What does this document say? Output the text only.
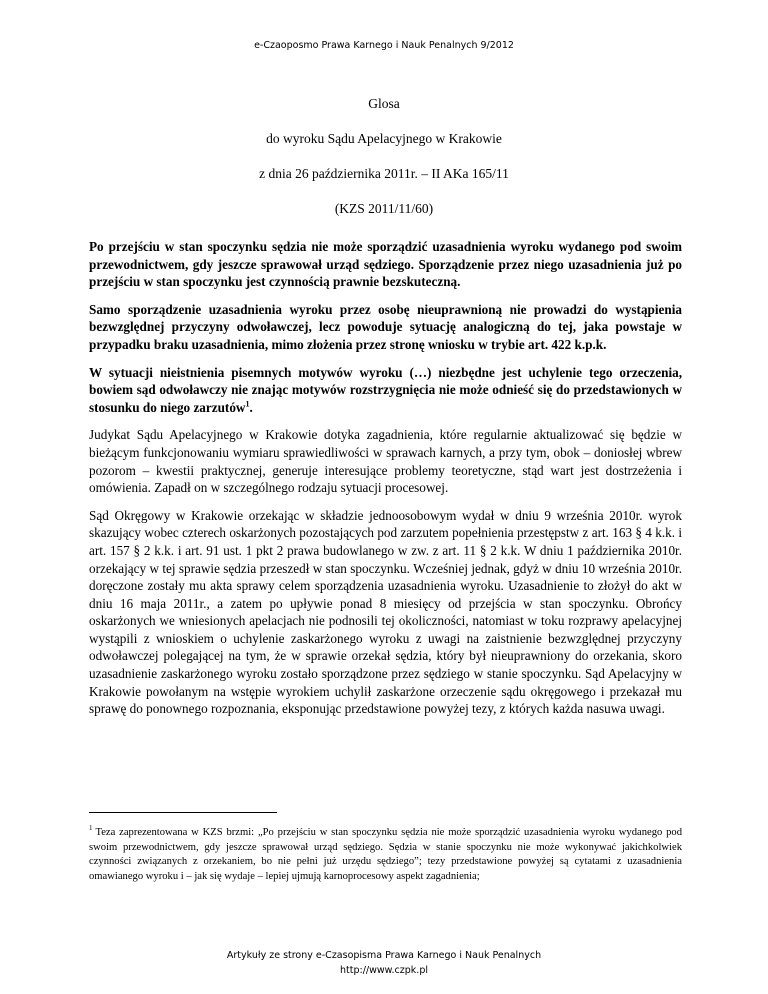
e-Czaoposmo Prawa Karnego i Nauk Penalnych 9/2012
Glosa
do wyroku Sądu Apelacyjnego w Krakowie
z dnia 26 października 2011r. – II AKa 165/11
(KZS 2011/11/60)

Po przejściu w stan spoczynku sędzia nie może sporządzić uzasadnienia wyroku wydanego pod swoim przewodnictwem, gdy jeszcze sprawował urząd sędziego. Sporządzenie przez niego uzasadnienia już po przejściu w stan spoczynku jest czynnością prawnie bezskuteczną.

Samo sporządzenie uzasadnienia wyroku przez osobę nieuprawnioną nie prowadzi do wystąpienia bezwzględnej przyczyny odwoławczej, lecz powoduje sytuację analogiczną do tej, jaka powstaje w przypadku braku uzasadnienia, mimo złożenia przez stronę wniosku w trybie art. 422 k.p.k.

W sytuacji nieistnienia pisemnych motywów wyroku (…) niezbędne jest uchylenie tego orzeczenia, bowiem sąd odwoławczy nie znając motywów rozstrzygnięcia nie może odnieść się do przedstawionych w stosunku do niego zarzutów$^1$.

Judykat Sądu Apelacyjnego w Krakowie dotyka zagadnienia, które regularnie aktualizować się będzie w bieżącym funkcjonowaniu wymiaru sprawiedliwości w sprawach karnych, a przy tym, obok – doniosłej wbrew pozorom – kwestii praktycznej, generuje interesujące problemy teoretyczne, stąd wart jest dostrzeżenia i omówienia. Zapadł on w szczególnego rodzaju sytuacji procesowej.

Sąd Okręgowy w Krakowie orzekając w składzie jednoosobowym wydał w dniu 9 września 2010r. wyrok skazujący wobec czterech oskarżonych pozostających pod zarzutem popełnienia przestępstw z art. 163 § 4 k.k. i art. 157 § 2 k.k. i art. 91 ust. 1 pkt 2 prawa budowlanego w zw. z art. 11 § 2 k.k. W dniu 1 października 2010r. orzekający w tej sprawie sędzia przeszedł w stan spoczynku. Wcześniej jednak, gdyż w dniu 10 września 2010r. doręczone zostały mu akta sprawy celem sporządzenia uzasadnienia wyroku. Uzasadnienie to złożył do akt w dniu 16 maja 2011r., a zatem po upływie ponad 8 miesięcy od przejścia w stan spoczynku. Obrońcy oskarżonych we wniesionych apelacjach nie podnosili tej okoliczności, natomiast w toku rozprawy apelacyjnej wystąpili z wnioskiem o uchylenie zaskarżonego wyroku z uwagi na zaistnienie bezwzględnej przyczyny odwoławczej polegającej na tym, że w sprawie orzekał sędzia, który był nieuprawniony do orzekania, skoro uzasadnienie zaskarżonego wyroku zostało sporządzone przez sędziego w stanie spoczynku. Sąd Apelacyjny w Krakowie powołanym na wstępie wyrokiem uchylił zaskarżone orzeczenie sądu okręgowego i przekazał mu sprawę do ponownego rozpoznania, eksponując przedstawione powyżej tezy, z których każda nasuwa uwagi.

$^1$ Teza zaprezentowana w KZS brzmi: „Po przejściu w stan spoczynku sędzia nie może sporządzić uzasadnienia wyroku wydanego pod swoim przewodnictwem, gdy jeszcze sprawował urząd sędziego. Sędzia w stanie spoczynku nie może wykonywać jakichkolwiek czynności związanych z orzekaniem, bo nie pełni już urzędu sędziego”; tezy przedstawione powyżej są cytatami z uzasadnienia omawianego wyroku i – jak się wydaje – lepiej ujmują karnoprocesowy aspekt zagadnienia;
Artykuły ze strony e-Czasopisma Prawa Karnego i Nauk Penalnych
http://www.czpk.pl
